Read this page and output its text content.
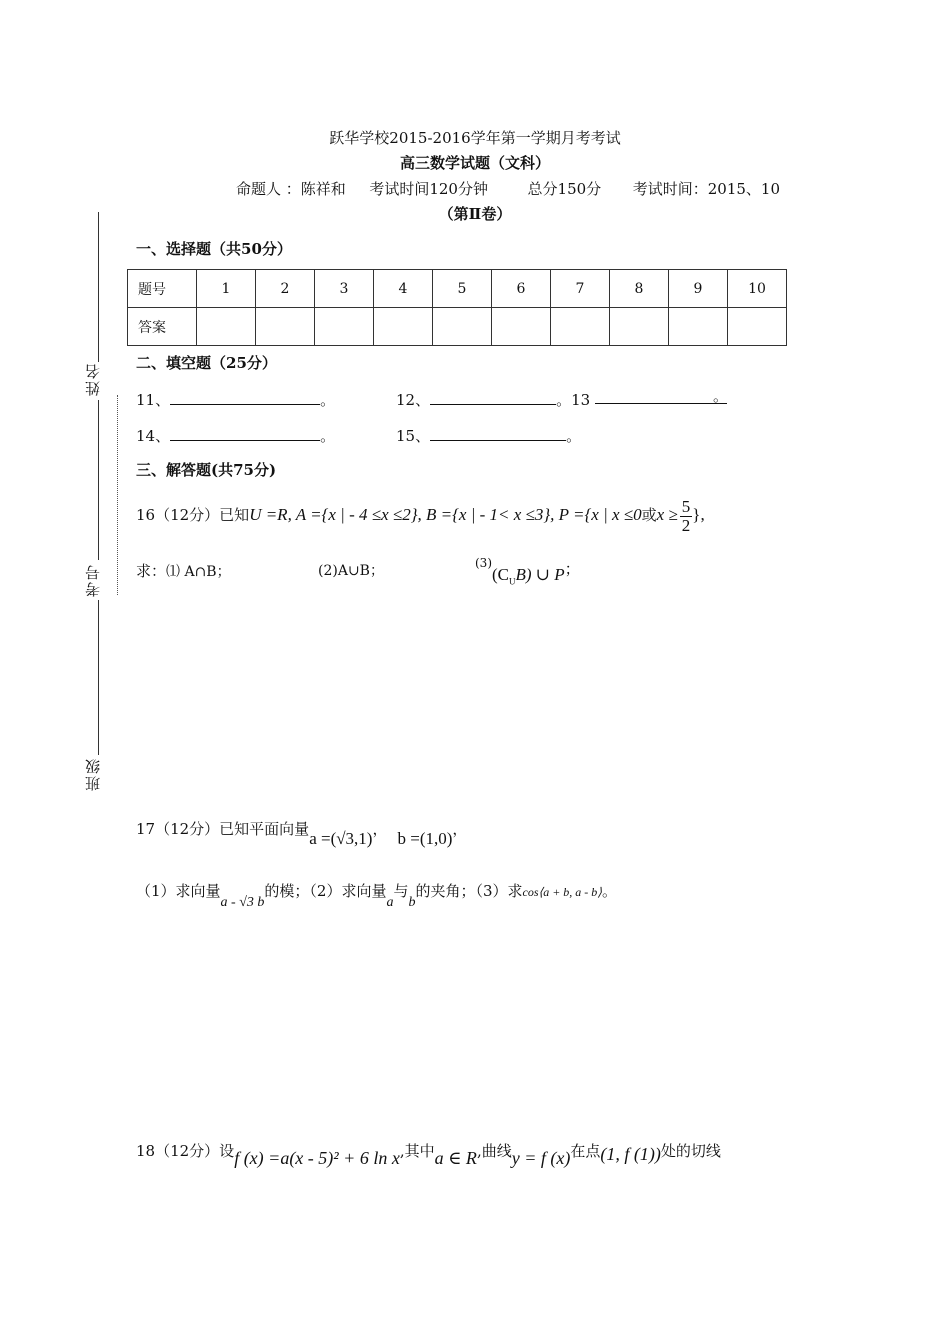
跃华学校2015-2016学年第一学期月考考试
高三数学试题（文科）
命题人 ：陈祥和 考试时间120分钟	总分150分 考试时间：2015、10
（第Ⅱ卷）
姓名
考号
班级
一、选择题（共50分）
题号	1	2	3	4	5	6	7	8	9	10
答案										
二、填空题（25分）
11、	。	12、	。13	。
14、	。	15、	。
三、解答题(共75分)
16（12分）已知U =R, A ={x | - 4 ≤x ≤2}, B ={x | - 1< x ≤3}, P ={x | x ≤0或$x \ge \frac{5}{2}$ },
求：⑴ A∩B；	(2)A∪B；	$^{(3)}(C_UB)$ ∪ P；
17（12分）已知平面向量a =(√3,1)， b =(1,0)，
（1）求向量a - √3 b的模；（2）求向量a与b的夹角；（3）求cos⟨a + b, a - b⟩。
18（12分）设f (x) =a(x - 5)² + 6 ln x,其中a ∈ R,曲线y = f (x)在点(1, f (1))处的切线
